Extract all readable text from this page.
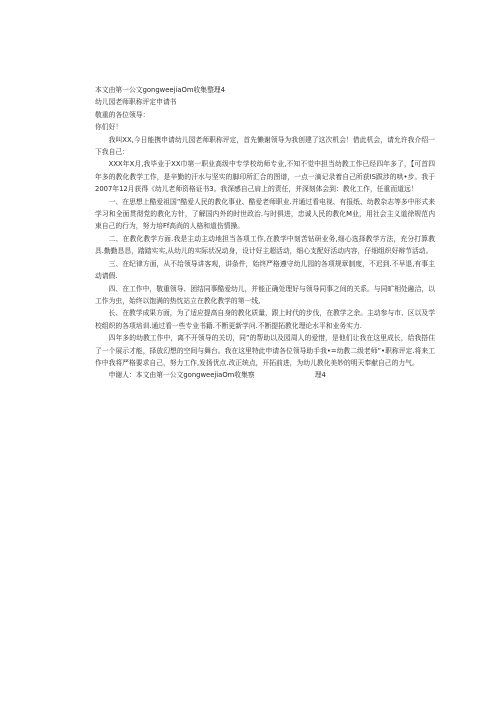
本文由第一公文gongweejiaOm收集整理4
幼儿园老师职称评定申请书
敬重的各位领导：
你们好！

我叫XX,今日能携申请幼儿园老师职称评定，首先懒谢领导为我创建了这次机会！借此机会，请允许我介绍一下我自己：

XXX年X月,我毕业于XX巾第一职业高级中专学校幼师专业,不知不觉中担当幼教工作已经四年多了，【可首四年多的教化教学工作，是辛勤的汗水与坚实的脚印所汇合的图谱，一点一滴记录着自己所获IS跋涉的哄•步。我于2007年12月获得《幼儿老师资格证书3。我深感自己肩上的责任，并深刻体会到：教化工作，任重而道远！

一、在思想上酷爱祖国”酷爱人民的教化事业、酷爱老师职业.并通过看电视、有报纸、幼教杂志等多中形式来学习和全面贯彻党的教化方针，了解国内外的时世政治.与时俱进，忠诚人民的教化M业，用社会主义道徐规范内束自己的行为，努力培Ff高尚的人格和道伤情操。

二、在教化教学方面.我是主动主动地担当各项工作,在教学中刻苦钻研业务,细心选择教学方法，充分打算教具.勤勤恳恳，踏踏实实,从幼儿的实际状况动身，设计好主超活动，细心支配好活动内容，仔细组织好辩节活动。

三、在纪律方面，从不给领导讲客观，讲条件，始终严格遵守幼儿园的各项规章制度，不迟到.不早退,有事主动请假.

四、在工作中，敬重领导、团结同事酷爱幼儿，并能正确处理好与领导同事之间的关系。与同旷相处融洽，以工作为虫，始终以饱满的热忱站立在教化教学的第一线,

长、在教学成果方面，为了适应提高自身的教化质量，跟上时代的步伐，在教学之余。主动参与市、区以及学校组织的各项培训.通过看一些专业书籍.不断更新学问.不断提拓教化理论水平和业务实力.

四年多的幼教工作中，离不开领导的关切，同”的帮助以及园周人的爱惜，是他们让我在这里成长，给我搭住了一个展示才能，择放幻想的空间与舞台。我在这里特此申请各位领导助手我•=幼教二级老师”•职称评定.将来工作中我将严格要求自己，努力工作,发扬优点.改正统点，开拓前进，为幼儿教化美妙的明天奉献自己的力气。

申谢人：本文由第一公文gongweejiaOm收集察	理4
